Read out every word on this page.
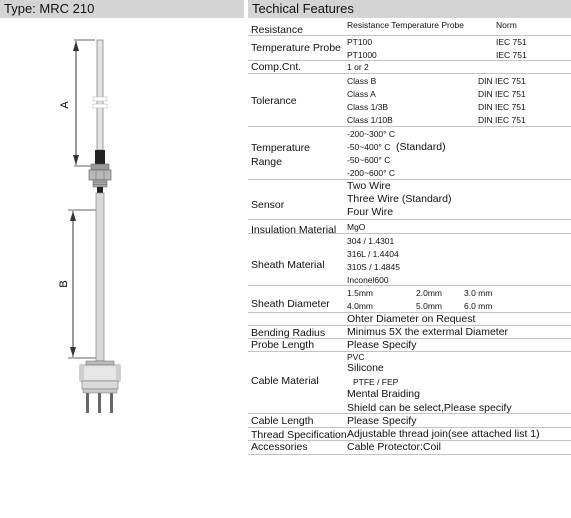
Type: MRC 210	Techical Features
A
B
Resistance	Resistance Temperature Probe	Norm
Temperature Probe PT100	IEC 751
PT1000	IEC 751
Comp.Cnt.	1 or 2
Tolerance
Class B	DIN IEC 751
Class A	DIN IEC 751
Class 1/3B	DIN IEC 751
Class 1/10B	DIN IEC 751
Temperature
Range
-200~300° C
-50~400° C (Standard)
-50~600° C
-200~600° C
Sensor
Two Wire
Three Wire (Standard)
Four Wire
Insulation Material MgO
Sheath Material
304 / 1.4301
316L / 1.4404
310S / 1.4845
Inconel600
Sheath Diameter
1.5mm	2.0mm	3.0 mm
4.0mm	5.0mm	6.0 mm
Ohter Diameter on Request
Bending Radius Minimus 5X the extermal Diameter
Probe Length	Please Specify
Cable Material
PVC
Silicone
PTFE / FEP
Mental Braiding
Shield can be select,Please specify
Cable Length	Please Specify
Thread Specification Adjustable thread join(see attached list 1)
Accessories	Cable Protector:Coil
